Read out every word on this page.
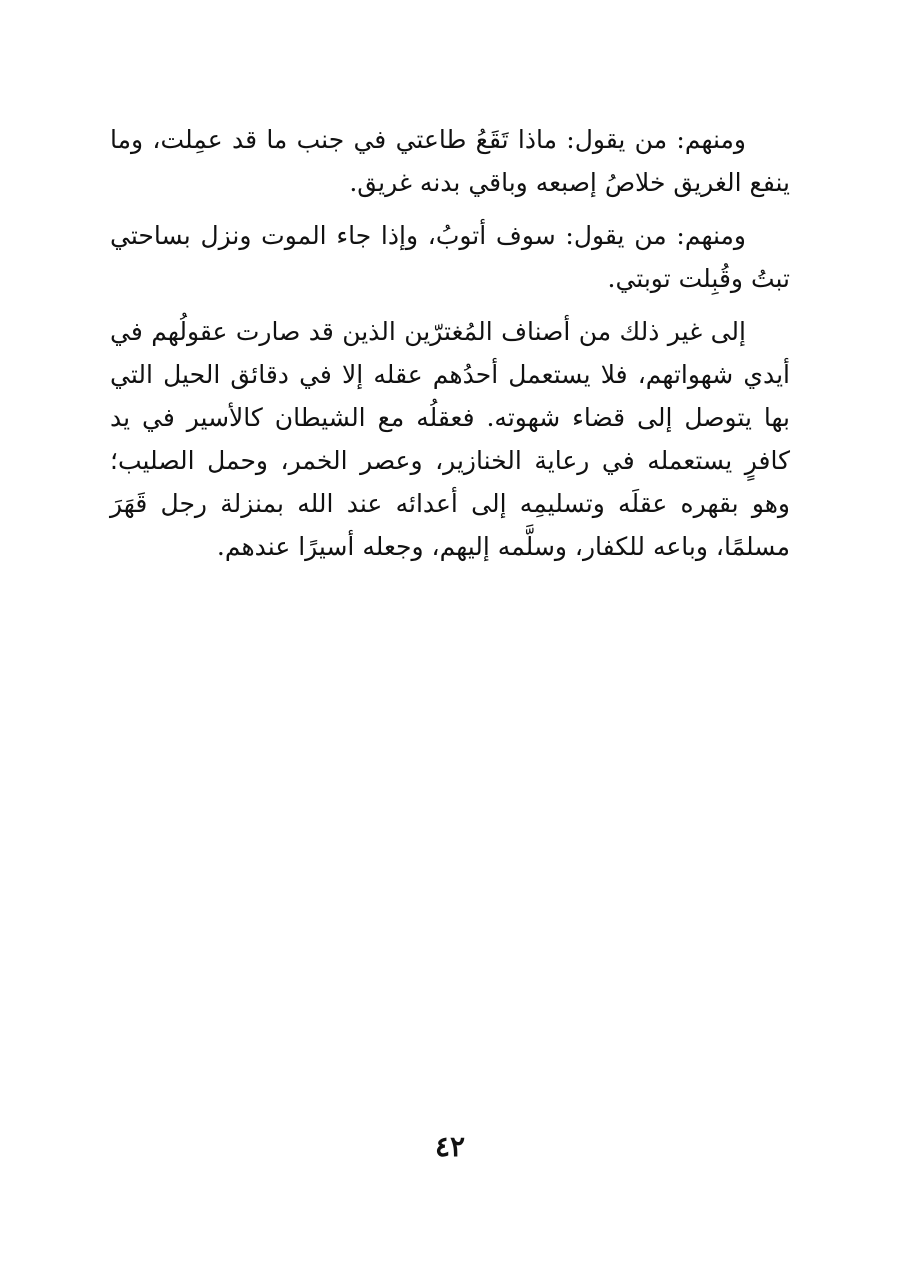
ومنهم: من يقول: ماذا تَقَعُ طاعتي في جنب ما قد عمِلت، وما ينفع الغريق خلاصُ إصبعه وباقي بدنه غريق.

ومنهم: من يقول: سوف أتوبُ، وإذا جاء الموت ونزل بساحتي تبتُ وقُبِلت توبتي.

إلى غير ذلك من أصناف المُغترّين الذين قد صارت عقولُهم في أيدي شهواتهم، فلا يستعمل أحدُهم عقله إلا في دقائق الحيل التي بها يتوصل إلى قضاء شهوته. فعقلُه مع الشيطان كالأسير في يد كافرٍ يستعمله في رعاية الخنازير، وعصر الخمر، وحمل الصليب؛ وهو بقهره عقلَه وتسليمِه إلى أعدائه عند الله بمنزلة رجل قَهَرَ مسلمًا، وباعه للكفار، وسلَّمه إليهم، وجعله أسيرًا عندهم.

٤٢
